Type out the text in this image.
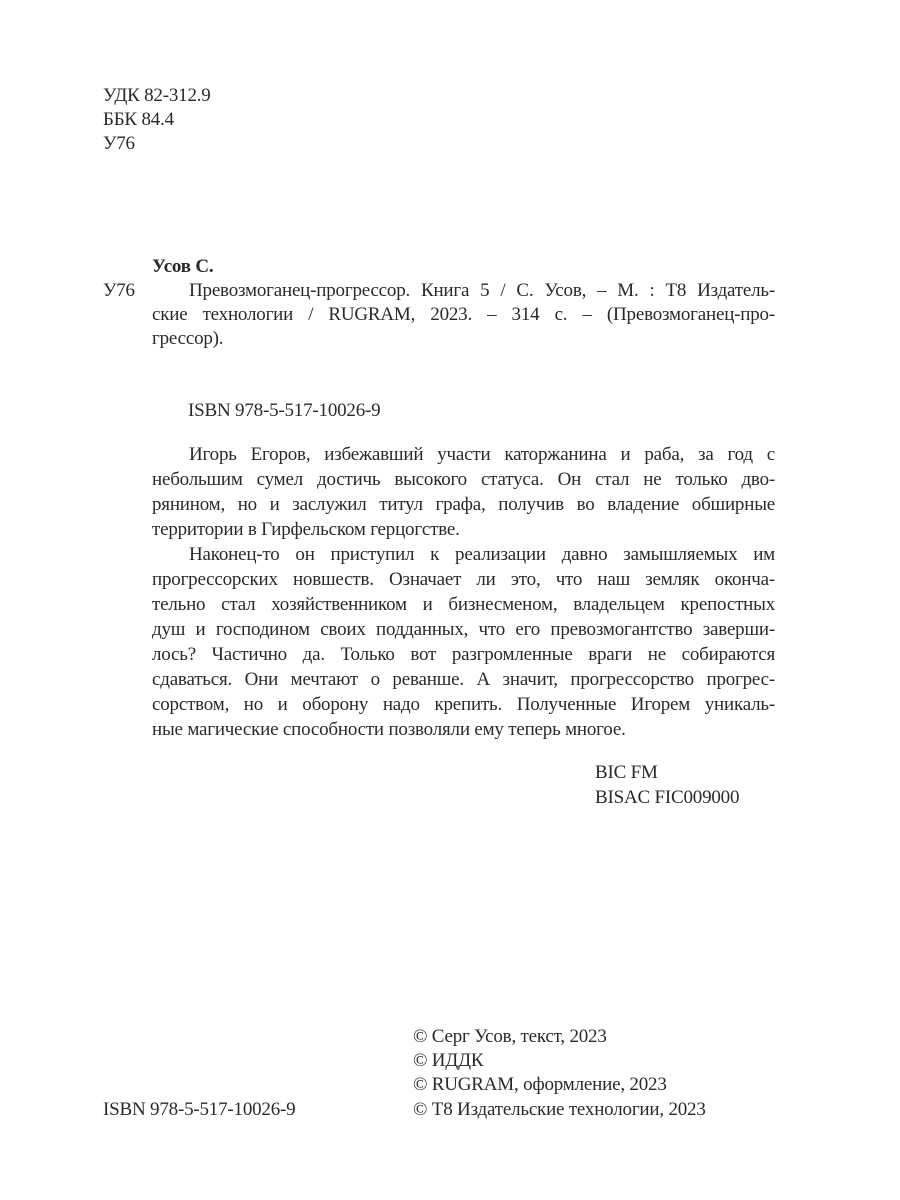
УДК 82-312.9
ББК 84.4
У76
Усов С.
У76	Превозмоганец-прогрессор. Книга 5 / С. Усов, – М. : Т8 Издатель-
ские технологии / RUGRAM, 2023. – 314 с. – (Превозмоганец-про-
грессор).
ISBN 978-5-517-10026-9
Игорь Егоров, избежавший участи каторжанина и раба, за год с
небольшим сумел достичь высокого статуса. Он стал не только дво-
рянином, но и заслужил титул графа, получив во владение обширные
территории в Гирфельском герцогстве.
Наконец-то он приступил к реализации давно замышляемых им
прогрессорских новшеств. Означает ли это, что наш земляк оконча-
тельно стал хозяйственником и бизнесменом, владельцем крепостных
душ и господином своих подданных, что его превозмогантство заверши-
лось? Частично да. Только вот разгромленные враги не собираются
сдаваться. Они мечтают о реванше. А значит, прогрессорство прогрес-
сорством, но и оборону надо крепить. Полученные Игорем уникаль-
ные магические способности позволяли ему теперь многое.
BIC FM
BISAC FIC009000
© Серг Усов, текст, 2023
© ИДДК
© RUGRAM, оформление, 2023
© Т8 Издательские технологии, 2023
ISBN 978-5-517-10026-9
